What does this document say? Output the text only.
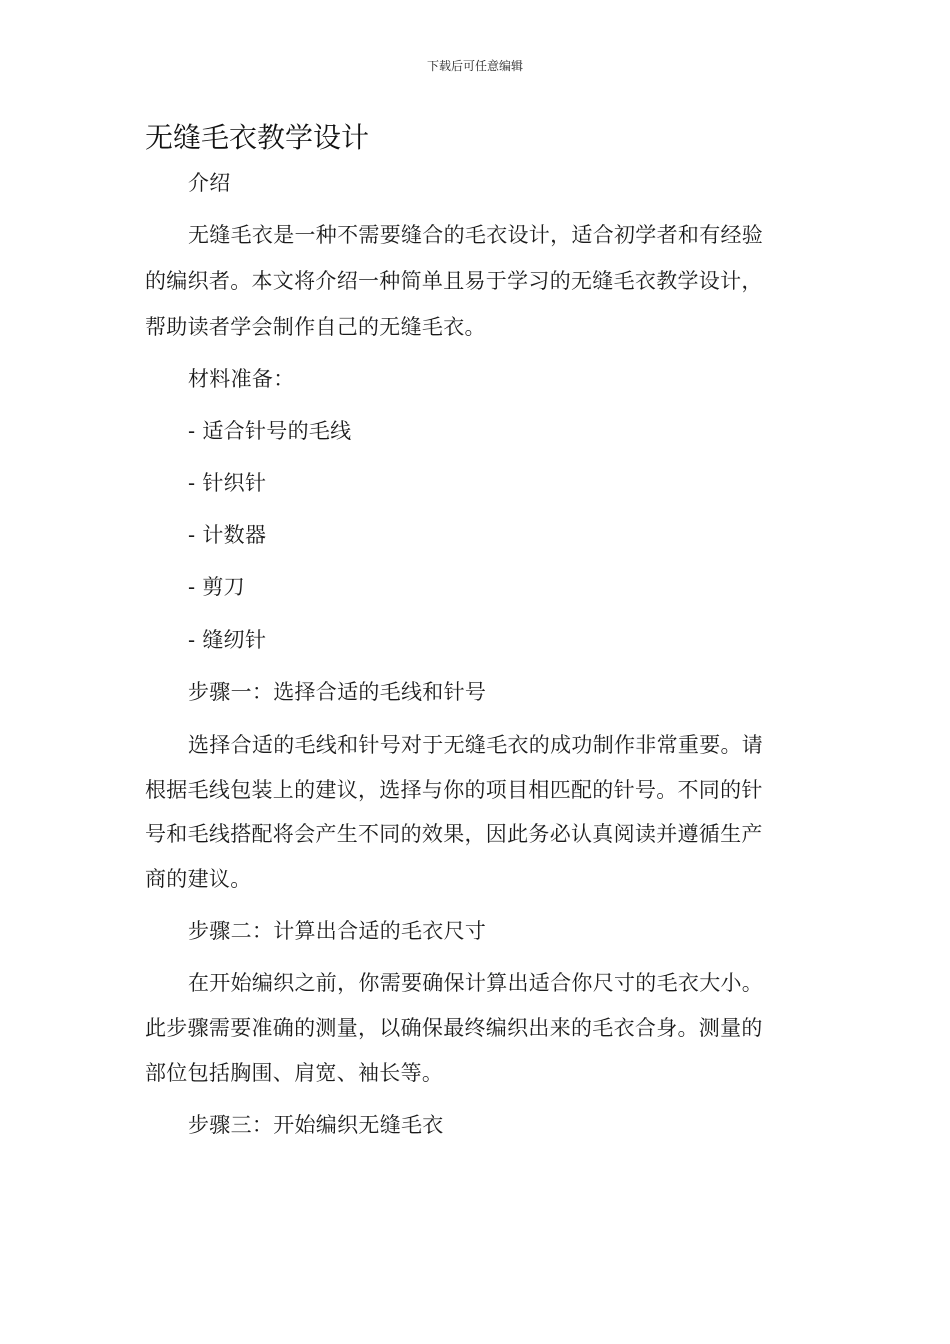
下载后可任意编辑
无缝毛衣教学设计
介绍
无缝毛衣是一种不需要缝合的毛衣设计，适合初学者和有经验
的编织者。本文将介绍一种简单且易于学习的无缝毛衣教学设计，
帮助读者学会制作自己的无缝毛衣。
材料准备：
- 适合针号的毛线
- 针织针
- 计数器
- 剪刀
- 缝纫针
步骤一：选择合适的毛线和针号
选择合适的毛线和针号对于无缝毛衣的成功制作非常重要。请
根据毛线包装上的建议，选择与你的项目相匹配的针号。不同的针
号和毛线搭配将会产生不同的效果，因此务必认真阅读并遵循生产
商的建议。
步骤二：计算出合适的毛衣尺寸
在开始编织之前，你需要确保计算出适合你尺寸的毛衣大小。
此步骤需要准确的测量，以确保最终编织出来的毛衣合身。测量的
部位包括胸围、肩宽、袖长等。
步骤三：开始编织无缝毛衣
